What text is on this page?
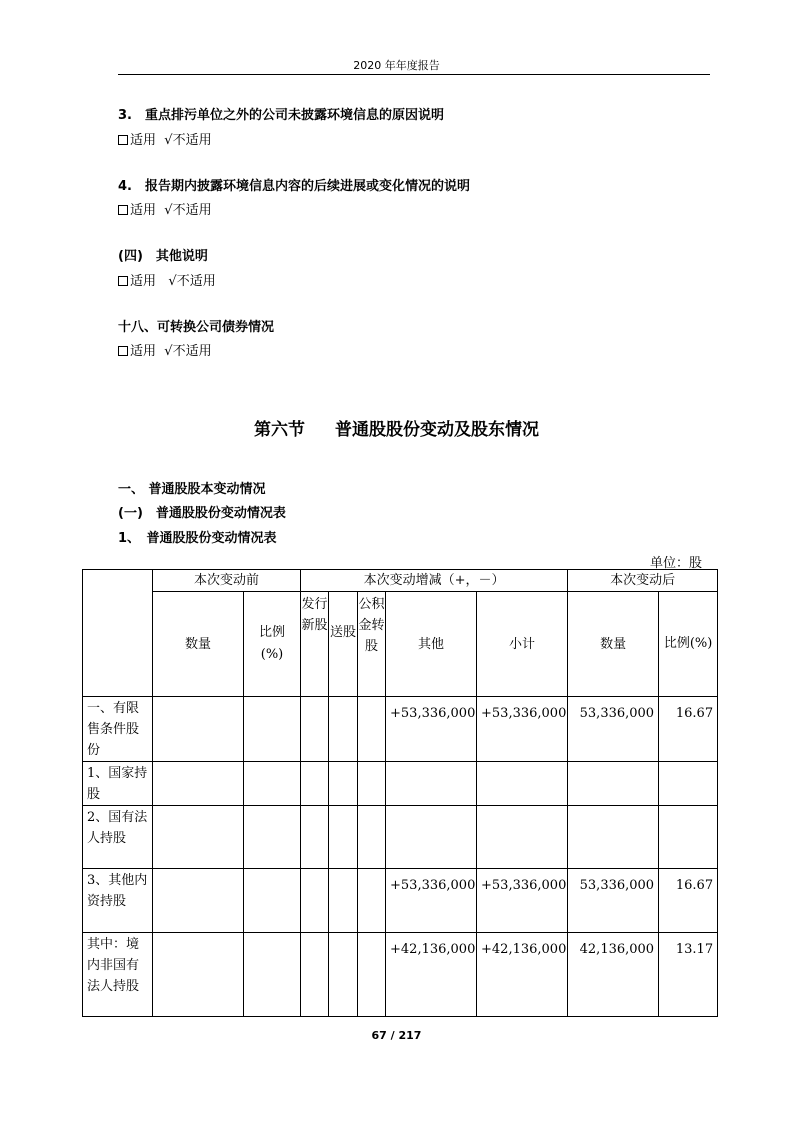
2020 年年度报告
3.　重点排污单位之外的公司未披露环境信息的原因说明
适用 √不适用
4.　报告期内披露环境信息内容的后续进展或变化情况的说明
适用 √不适用
(四)　其他说明
适用 √不适用
十八、可转换公司债券情况
适用 √不适用
第六节 普通股股份变动及股东情况
一、 普通股股本变动情况
(一)　普通股股份变动情况表
1、　普通股股份变动情况表
单位：股
	本次变动前		本次变动增减（+，－）					本次变动后	
	数量	比例(%)	发行新股	送股	公积金转股	其他	小计	数量	比例(%)
一、有限售条件股份						+53,336,000	+53,336,000	53,336,000	16.67
1、国家持股									
2、国有法人持股									
3、其他内资持股						+53,336,000	+53,336,000	53,336,000	16.67
其中：境内非国有法人持股						+42,136,000	+42,136,000	42,136,000	13.17
67 / 217
